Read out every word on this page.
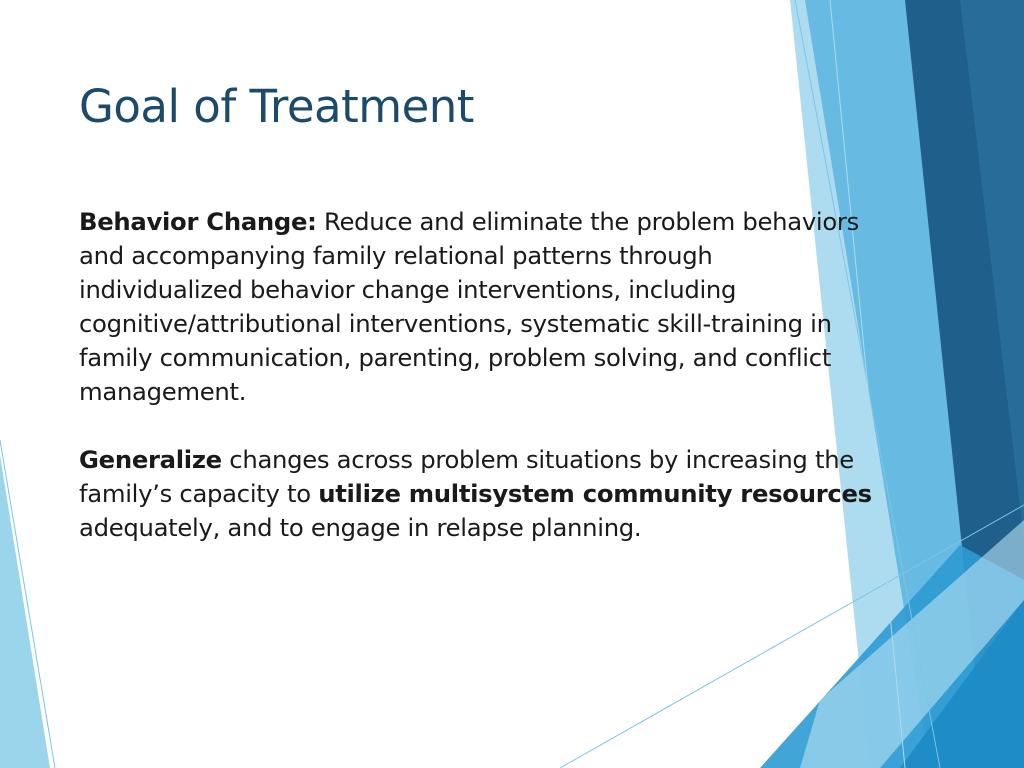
Goal of Treatment

Behavior Change: Reduce and eliminate the problem behaviors and accompanying family relational patterns through individualized behavior change interventions, including cognitive/attributional interventions, systematic skill-training in family communication, parenting, problem solving, and conflict management.

Generalize changes across problem situations by increasing the family’s capacity to utilize multisystem community resources adequately, and to engage in relapse planning.
